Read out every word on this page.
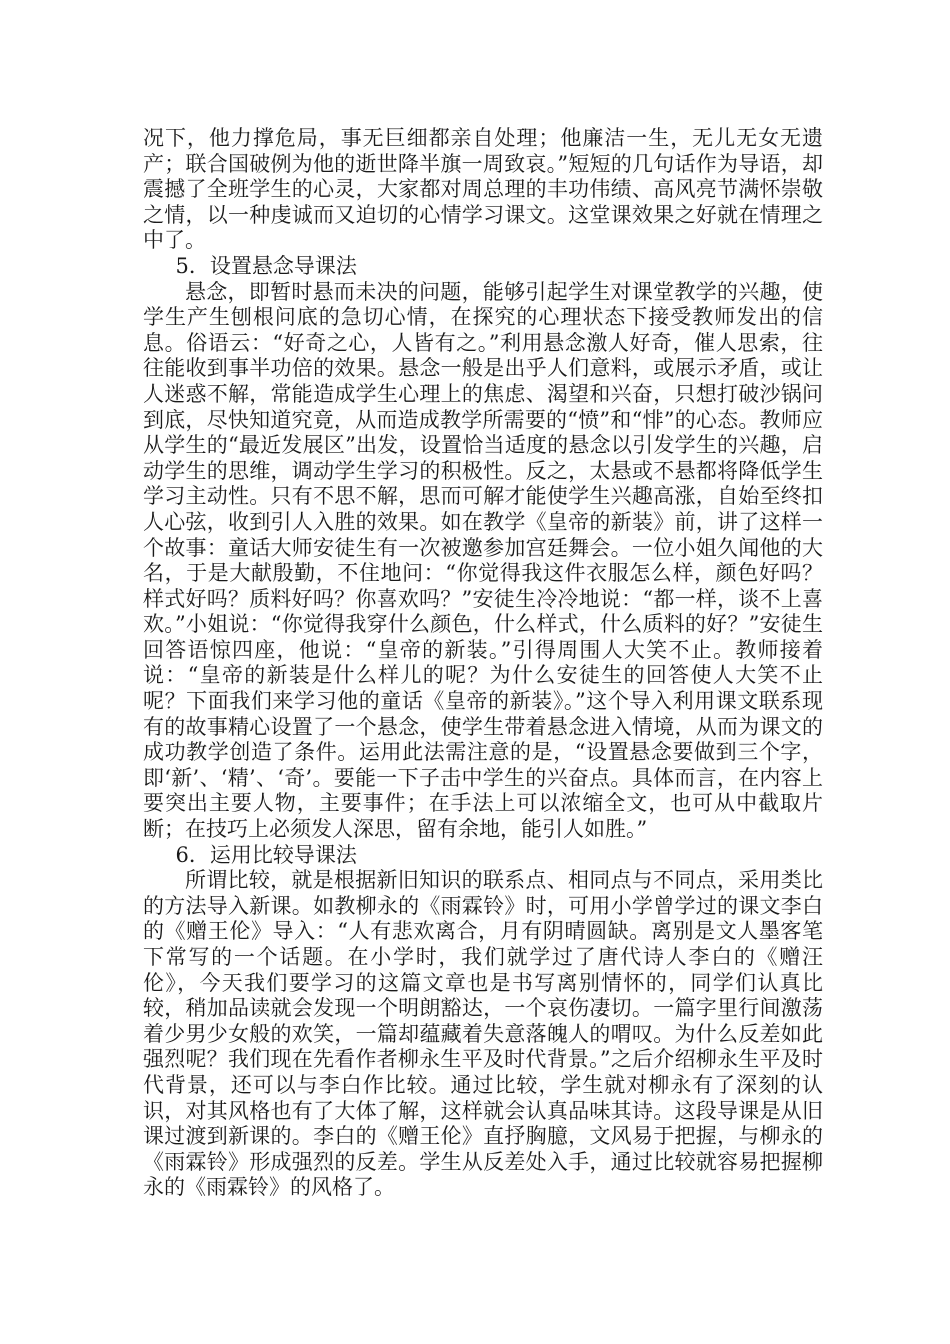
况下，他力撑危局，事无巨细都亲自处理；他廉洁一生，无儿无女无遗产；联合国破例为他的逝世降半旗一周致哀。”短短的几句话作为导语，却震撼了全班学生的心灵，大家都对周总理的丰功伟绩、高风亮节满怀崇敬之情，以一种虔诚而又迫切的心情学习课文。这堂课效果之好就在情理之中了。

5．设置悬念导课法

悬念，即暂时悬而未决的问题，能够引起学生对课堂教学的兴趣，使学生产生刨根问底的急切心情，在探究的心理状态下接受教师发出的信息。俗语云：“好奇之心，人皆有之。”利用悬念激人好奇，催人思索，往往能收到事半功倍的效果。悬念一般是出乎人们意料，或展示矛盾，或让人迷惑不解，常能造成学生心理上的焦虑、渴望和兴奋，只想打破沙锅问到底，尽快知道究竟，从而造成教学所需要的“愤”和“悱”的心态。教师应从学生的“最近发展区”出发，设置恰当适度的悬念以引发学生的兴趣，启动学生的思维，调动学生学习的积极性。反之，太悬或不悬都将降低学生学习主动性。只有不思不解，思而可解才能使学生兴趣高涨，自始至终扣人心弦，收到引人入胜的效果。如在教学《皇帝的新装》前，讲了这样一个故事：童话大师安徒生有一次被邀参加宫廷舞会。一位小姐久闻他的大名，于是大献殷勤，不住地问：“你觉得我这件衣服怎么样，颜色好吗？样式好吗？质料好吗？你喜欢吗？”安徒生冷冷地说：“都一样，谈不上喜欢。”小姐说：“你觉得我穿什么颜色，什么样式，什么质料的好？”安徒生回答语惊四座，他说：“皇帝的新装。”引得周围人大笑不止。教师接着说：“皇帝的新装是什么样儿的呢？为什么安徒生的回答使人大笑不止呢？下面我们来学习他的童话《皇帝的新装》。”这个导入利用课文联系现有的故事精心设置了一个悬念，使学生带着悬念进入情境，从而为课文的成功教学创造了条件。运用此法需注意的是，“设置悬念要做到三个字，即‘新’、‘精’、‘奇’。要能一下子击中学生的兴奋点。具体而言，在内容上要突出主要人物，主要事件；在手法上可以浓缩全文，也可从中截取片断；在技巧上必须发人深思，留有余地，能引人如胜。”

6．运用比较导课法

所谓比较，就是根据新旧知识的联系点、相同点与不同点，采用类比的方法导入新课。如教柳永的《雨霖铃》时，可用小学曾学过的课文李白的《赠王伦》导入：“人有悲欢离合，月有阴晴圆缺。离别是文人墨客笔下常写的一个话题。在小学时，我们就学过了唐代诗人李白的《赠汪伦》，今天我们要学习的这篇文章也是书写离别情怀的，同学们认真比较，稍加品读就会发现一个明朗豁达，一个哀伤凄切。一篇字里行间激荡着少男少女般的欢笑，一篇却蕴藏着失意落魄人的喟叹。为什么反差如此强烈呢？我们现在先看作者柳永生平及时代背景。”之后介绍柳永生平及时代背景，还可以与李白作比较。通过比较，学生就对柳永有了深刻的认识，对其风格也有了大体了解，这样就会认真品味其诗。这段导课是从旧课过渡到新课的。李白的《赠王伦》直抒胸臆，文风易于把握，与柳永的《雨霖铃》形成强烈的反差。学生从反差处入手，通过比较就容易把握柳永的《雨霖铃》的风格了。
